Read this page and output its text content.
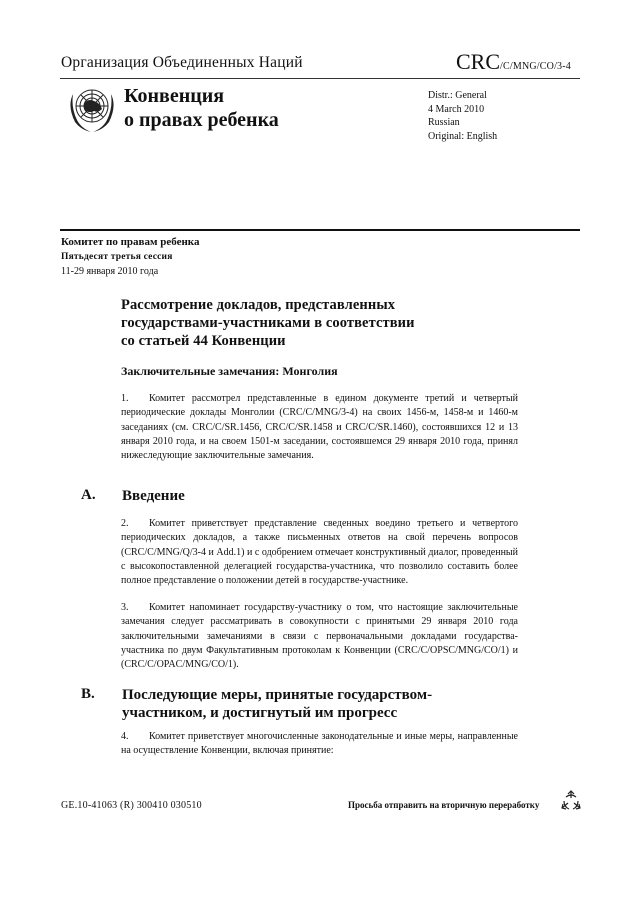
Организация Объединенных Наций	CRC/C/MNG/CO/3-4
Конвенция
о правах ребенка
Distr.: General
4 March 2010
Russian
Original: English
Комитет по правам ребенка
Пятьдесят третья сессия
11-29 января 2010 года
Рассмотрение докладов, представленных
государствами-участниками в соответствии
со статьей 44 Конвенции
Заключительные замечания: Монголия
1. Комитет рассмотрел представленные в едином документе третий и четвертый периодические доклады Монголии (CRC/C/MNG/3-4) на своих 1456-м, 1458-м и 1460-м заседаниях (см. CRC/C/SR.1456, CRC/C/SR.1458 и CRC/C/SR.1460), состоявшихся 12 и 13 января 2010 года, и на своем 1501-м заседании, состоявшемся 29 января 2010 года, принял нижеследующие заключительные замечания.
A. Введение
2. Комитет приветствует представление сведенных воедино третьего и четвертого периодических докладов, а также письменных ответов на свой перечень вопросов (CRC/C/MNG/Q/3-4 и Add.1) и с одобрением отмечает конструктивный диалог, проведенный с высокопоставленной делегацией государства-участника, что позволило составить более полное представление о положении детей в государстве-участнике.
3. Комитет напоминает государству-участнику о том, что настоящие заключительные замечания следует рассматривать в совокупности с принятыми 29 января 2010 года заключительными замечаниями в связи с первоначальными докладами государства-участника по двум Факультативным протоколам к Конвенции (CRC/C/OPSC/MNG/CO/1) и (CRC/C/OPAC/MNG/CO/1).
B. Последующие меры, принятые государством-участником, и достигнутый им прогресс
4. Комитет приветствует многочисленные законодательные и иные меры, направленные на осуществление Конвенции, включая принятие:
GE.10-41063 (R) 300410 030510	Просьба отправить на вторичную переработку
